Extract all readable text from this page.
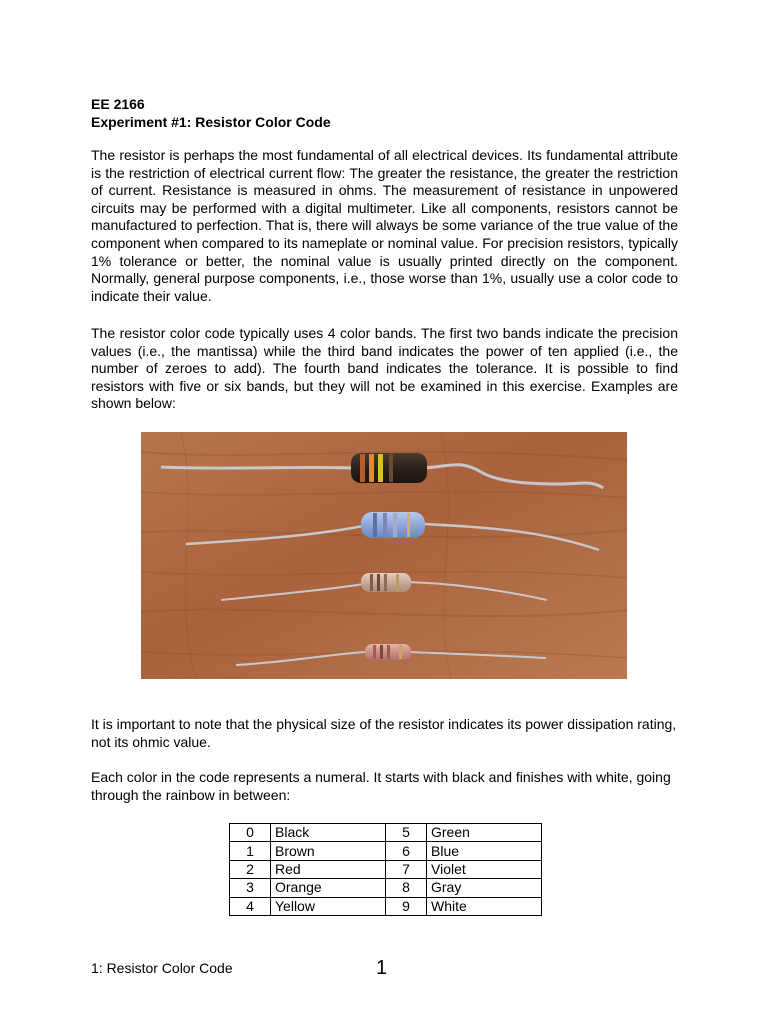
EE 2166
Experiment #1: Resistor Color Code

The resistor is perhaps the most fundamental of all electrical devices. Its fundamental attribute is the restriction of electrical current flow: The greater the resistance, the greater the restriction of current. Resistance is measured in ohms. The measurement of resistance in unpowered circuits may be performed with a digital multimeter. Like all components, resistors cannot be manufactured to perfection. That is, there will always be some variance of the true value of the component when compared to its nameplate or nominal value. For precision resistors, typically 1% tolerance or better, the nominal value is usually printed directly on the component. Normally, general purpose components, i.e., those worse than 1%, usually use a color code to indicate their value.

The resistor color code typically uses 4 color bands. The first two bands indicate the precision values (i.e., the mantissa) while the third band indicates the power of ten applied (i.e., the number of zeroes to add). The fourth band indicates the tolerance. It is possible to find resistors with five or six bands, but they will not be examined in this exercise. Examples are shown below:

It is important to note that the physical size of the resistor indicates its power dissipation rating, not its ohmic value.

Each color in the code represents a numeral. It starts with black and finishes with white, going through the rainbow in between:

0	Black	5	Green
1	Brown	6	Blue
2	Red	7	Violet
3	Orange	8	Gray
4	Yellow	9	White
1: Resistor Color Code	1
